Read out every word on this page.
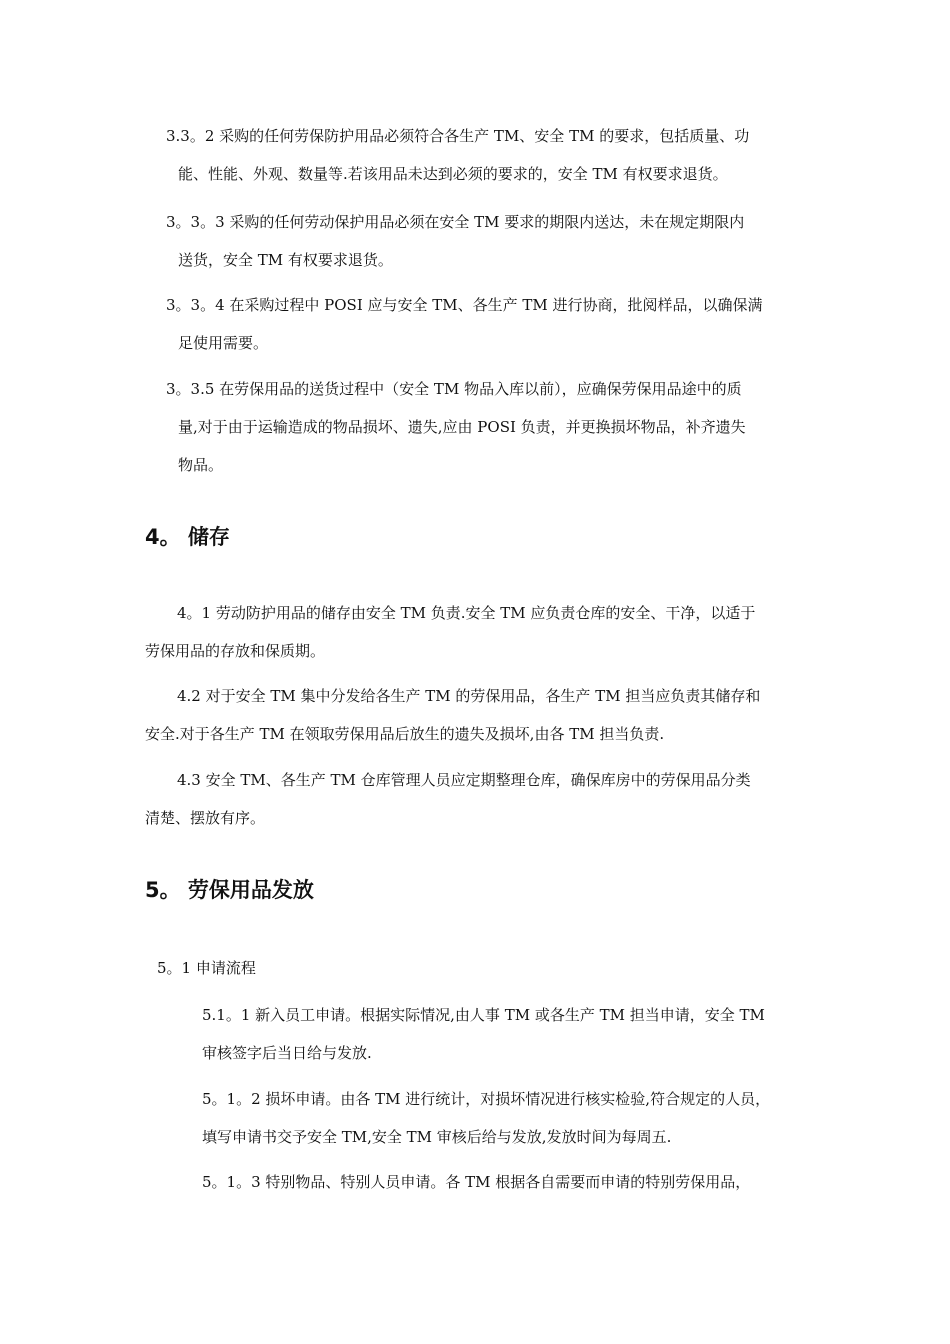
3.3。2 采购的任何劳保防护用品必须符合各生产 TM、安全 TM 的要求，包括质量、功
能、性能、外观、数量等.若该用品未达到必须的要求的，安全 TM 有权要求退货。
3。3。3 采购的任何劳动保护用品必须在安全 TM 要求的期限内送达，未在规定期限内
送货，安全 TM 有权要求退货。
3。3。4 在采购过程中 POSI 应与安全 TM、各生产 TM 进行协商，批阅样品，以确保满
足使用需要。
3。3.5 在劳保用品的送货过程中（安全 TM 物品入库以前），应确保劳保用品途中的质
量,对于由于运输造成的物品损坏、遗失,应由 POSI 负责，并更换损坏物品，补齐遗失
物品。
4。 储存
4。1 劳动防护用品的储存由安全 TM 负责.安全 TM 应负责仓库的安全、干净，以适于
劳保用品的存放和保质期。
4.2 对于安全 TM 集中分发给各生产 TM 的劳保用品，各生产 TM 担当应负责其储存和
安全.对于各生产 TM 在领取劳保用品后放生的遗失及损坏,由各 TM 担当负责.
4.3 安全 TM、各生产 TM 仓库管理人员应定期整理仓库，确保库房中的劳保用品分类
清楚、摆放有序。
5。 劳保用品发放
5。1 申请流程
5.1。1 新入员工申请。根据实际情况,由人事 TM 或各生产 TM 担当申请，安全 TM
审核签字后当日给与发放.
5。1。2 损坏申请。由各 TM 进行统计，对损坏情况进行核实检验,符合规定的人员，
填写申请书交予安全 TM,安全 TM 审核后给与发放,发放时间为每周五.
5。1。3 特别物品、特别人员申请。各 TM 根据各自需要而申请的特别劳保用品，
